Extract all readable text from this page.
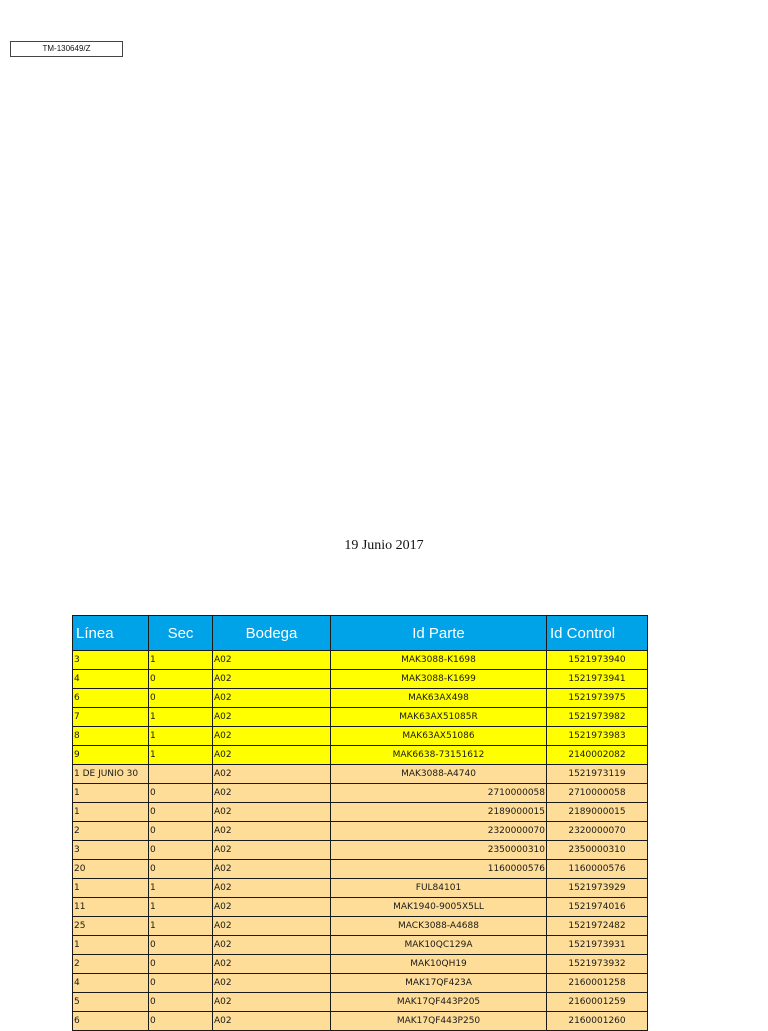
TM-130649/Z
19 Junio 2017
Línea	Sec	Bodega	Id Parte	Id Control
3	1	A02	MAK3088-K1698	1521973940
4	0	A02	MAK3088-K1699	1521973941
6	0	A02	MAK63AX498	1521973975
7	1	A02	MAK63AX51085R	1521973982
8	1	A02	MAK63AX51086	1521973983
9	1	A02	MAK6638-73151612	2140002082
1 DE JUNIO 30		A02	MAK3088-A4740	1521973119
1	0	A02	2710000058	2710000058
1	0	A02	2189000015	2189000015
2	0	A02	2320000070	2320000070
3	0	A02	2350000310	2350000310
20	0	A02	1160000576	1160000576
1	1	A02	FUL84101	1521973929
11	1	A02	MAK1940-9005X5LL	1521974016
25	1	A02	MACK3088-A4688	1521972482
1	0	A02	MAK10QC129A	1521973931
2	0	A02	MAK10QH19	1521973932
4	0	A02	MAK17QF423A	2160001258
5	0	A02	MAK17QF443P205	2160001259
6	0	A02	MAK17QF443P250	2160001260
